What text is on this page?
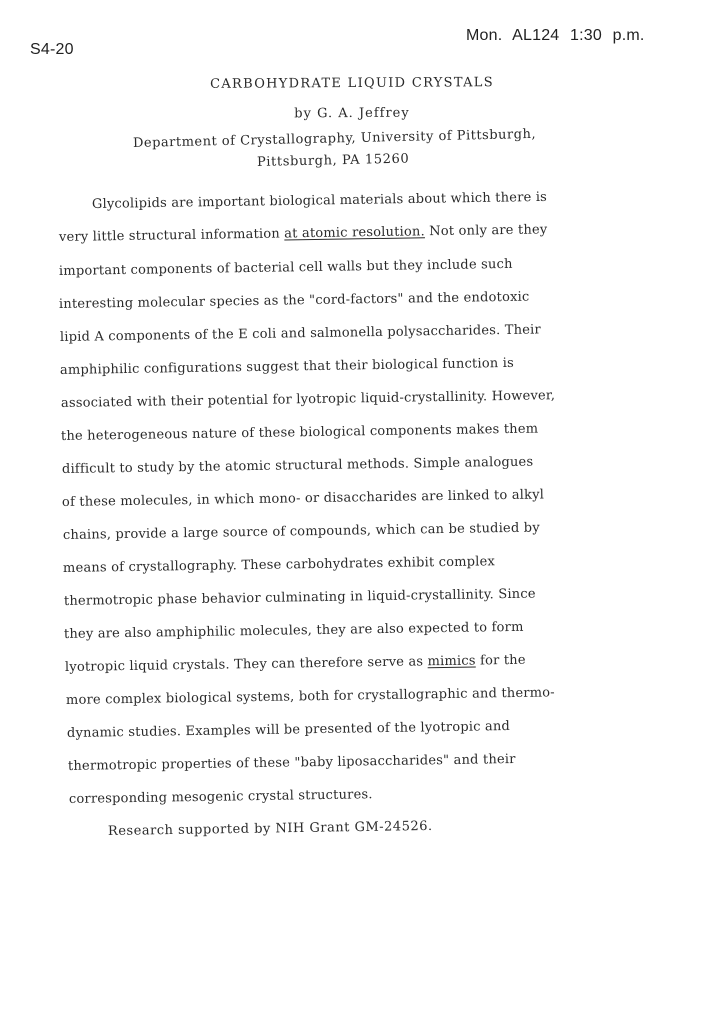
S4-20
Mon. AL124 1:30 p.m.
CARBOHYDRATE LIQUID CRYSTALS
by G. A. Jeffrey
Department of Crystallography, University of Pittsburgh,
Pittsburgh, PA 15260
Glycolipids are important biological materials about which there is
very little structural information at atomic resolution. Not only are they
important components of bacterial cell walls but they include such
interesting molecular species as the "cord-factors" and the endotoxic
lipid A components of the E coli and salmonella polysaccharides. Their
amphiphilic configurations suggest that their biological function is
associated with their potential for lyotropic liquid-crystallinity. However,
the heterogeneous nature of these biological components makes them
difficult to study by the atomic structural methods. Simple analogues
of these molecules, in which mono- or disaccharides are linked to alkyl
chains, provide a large source of compounds, which can be studied by
means of crystallography. These carbohydrates exhibit complex
thermotropic phase behavior culminating in liquid-crystallinity. Since
they are also amphiphilic molecules, they are also expected to form
lyotropic liquid crystals. They can therefore serve as mimics for the
more complex biological systems, both for crystallographic and thermo-
dynamic studies. Examples will be presented of the lyotropic and
thermotropic properties of these "baby liposaccharides" and their
corresponding mesogenic crystal structures.
Research supported by NIH Grant GM-24526.
